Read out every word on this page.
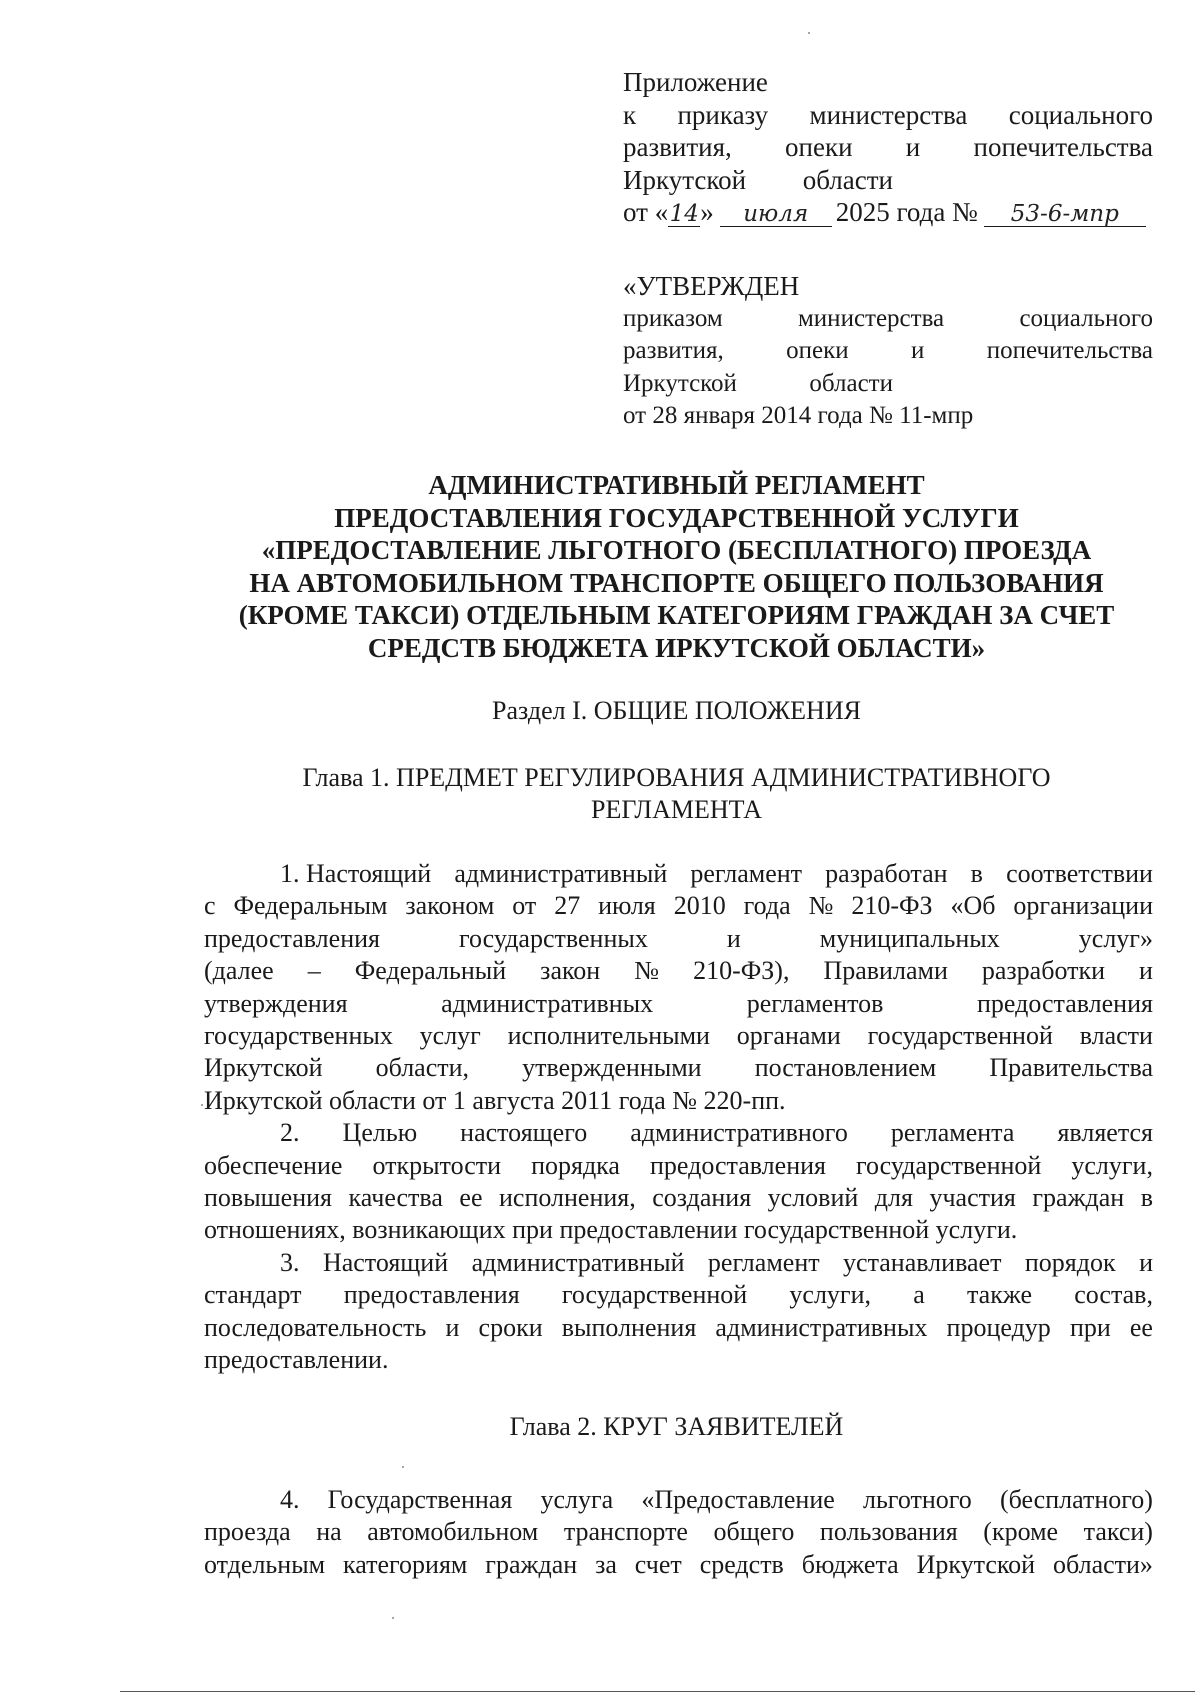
Приложение
к приказу министерства социального
развития, опеки и попечительства
Иркутской области
от «14» июля 2025 года № 53-6-мпр
«УТВЕРЖДЕН
приказом	министерства	социального
развития, опеки и попечительства
Иркутской	области
от 28 января 2014 года № 11-мпр
АДМИНИСТРАТИВНЫЙ РЕГЛАМЕНТ
ПРЕДОСТАВЛЕНИЯ ГОСУДАРСТВЕННОЙ УСЛУГИ
«ПРЕДОСТАВЛЕНИЕ ЛЬГОТНОГО (БЕСПЛАТНОГО) ПРОЕЗДА
НА АВТОМОБИЛЬНОМ ТРАНСПОРТЕ ОБЩЕГО ПОЛЬЗОВАНИЯ
(КРОМЕ ТАКСИ) ОТДЕЛЬНЫМ КАТЕГОРИЯМ ГРАЖДАН ЗА СЧЕТ
СРЕДСТВ БЮДЖЕТА ИРКУТСКОЙ ОБЛАСТИ»
Раздел I. ОБЩИЕ ПОЛОЖЕНИЯ
Глава 1. ПРЕДМЕТ РЕГУЛИРОВАНИЯ АДМИНИСТРАТИВНОГО
РЕГЛАМЕНТА
1. Настоящий административный регламент разработан в соответствии
с Федеральным законом от 27 июля 2010 года № 210-ФЗ «Об организации
предоставления	государственных	и	муниципальных	услуг»
(далее – Федеральный закон № 210-ФЗ), Правилами разработки и
утверждения	административных	регламентов	предоставления
государственных услуг исполнительными органами государственной власти
Иркутской области, утвержденными постановлением Правительства
Иркутской области от 1 августа 2011 года № 220-пп.
2. Целью настоящего административного регламента является
обеспечение открытости порядка предоставления государственной услуги,
повышения качества ее исполнения, создания условий для участия граждан в
отношениях, возникающих при предоставлении государственной услуги.
3. Настоящий административный регламент устанавливает порядок и
стандарт предоставления государственной услуги, а также состав,
последовательность и сроки выполнения административных процедур при ее
предоставлении.
Глава 2. КРУГ ЗАЯВИТЕЛЕЙ
4. Государственная услуга «Предоставление льготного (бесплатного)
проезда на автомобильном транспорте общего пользования (кроме такси)
отдельным категориям граждан за счет средств бюджета Иркутской области»
